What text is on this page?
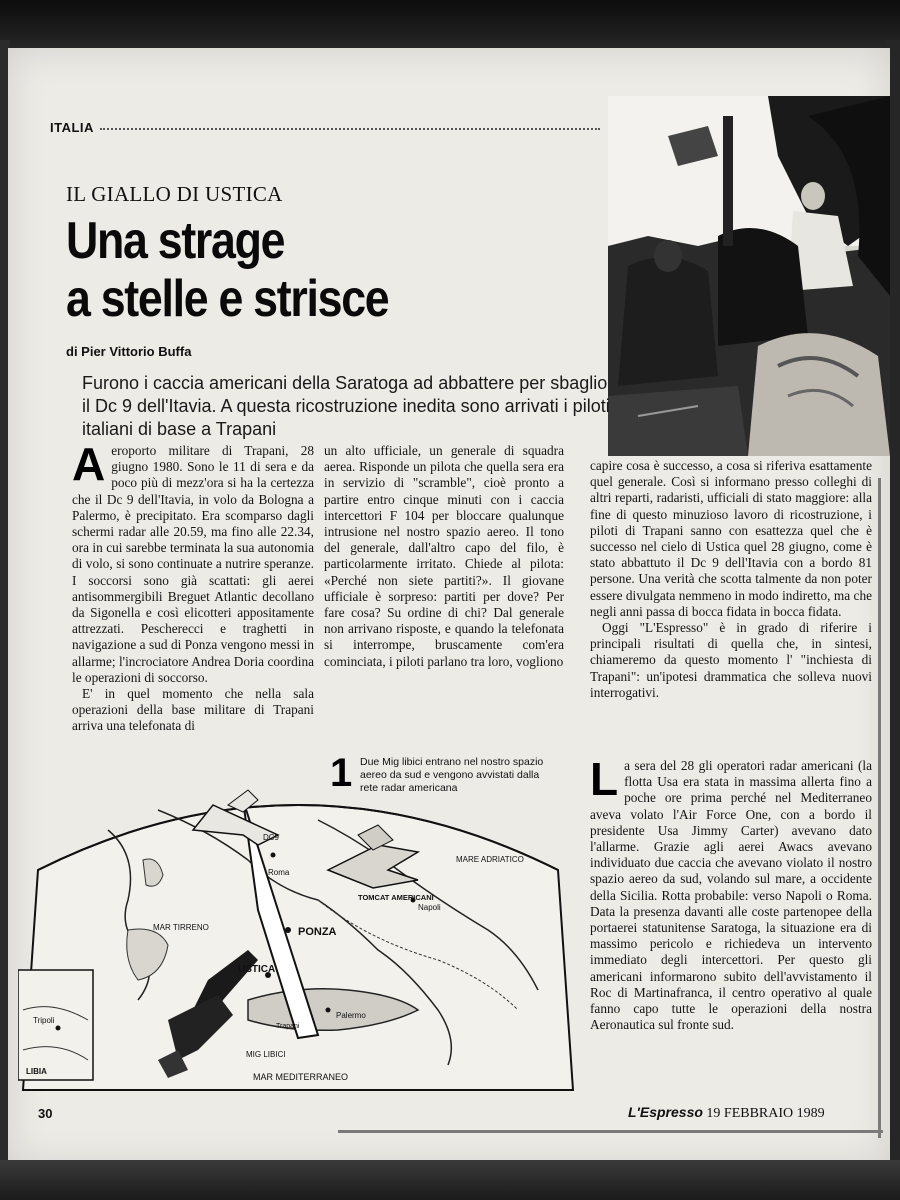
ITALIA
IL GIALLO DI USTICA
Una strage
a stelle e strisce
di Pier Vittorio Buffa
Furono i caccia americani della Saratoga ad abbattere per sbaglio il Dc 9 dell'Itavia. A questa ricostruzione inedita sono arrivati i piloti italiani di base a Trapani

Aeroporto militare di Trapani, 28 giugno 1980. Sono le 11 di sera e da poco più di mezz'ora si ha la certezza che il Dc 9 dell'Itavia, in volo da Bologna a Palermo, è precipitato. Era scomparso dagli schermi radar alle 20.59, ma fino alle 22.34, ora in cui sarebbe terminata la sua autonomia di volo, si sono continuate a nutrire speranze. I soccorsi sono già scattati: gli aerei antisommergibili Breguet Atlantic decollano da Sigonella e così elicotteri appositamente attrezzati. Pescherecci e traghetti in navigazione a sud di Ponza vengono messi in allarme; l'incrociatore Andrea Doria coordina le operazioni di soccorso.

E' in quel momento che nella sala operazioni della base militare di Trapani arriva una telefonata di

un alto ufficiale, un generale di squadra aerea. Risponde un pilota che quella sera era in servizio di "scramble", cioè pronto a partire entro cinque minuti con i caccia intercettori F 104 per bloccare qualunque intrusione nel nostro spazio aereo. Il tono del generale, dall'altro capo del filo, è particolarmente irritato. Chiede al pilota: «Perché non siete partiti?». Il giovane ufficiale è sorpreso: partiti per dove? Per fare cosa? Su ordine di chi? Dal generale non arrivano risposte, e quando la telefonata si interrompe, bruscamente com'era cominciata, i piloti parlano tra loro, vogliono

1 Due Mig libici entrano nel nostro spazio aereo da sud e vengono avvistati dalla rete radar americana

capire cosa è successo, a cosa si riferiva esattamente quel generale. Così si informano presso colleghi di altri reparti, radaristi, ufficiali di stato maggiore: alla fine di questo minuzioso lavoro di ricostruzione, i piloti di Trapani sanno con esattezza quel che è successo nel cielo di Ustica quel 28 giugno, come è stato abbattuto il Dc 9 dell'Itavia con a bordo 81 persone. Una verità che scotta talmente da non poter essere divulgata nemmeno in modo indiretto, ma che negli anni passa di bocca fidata in bocca fidata.

Oggi "L'Espresso" è in grado di riferire i principali risultati di quella che, in sintesi, chiameremo da questo momento l' "inchiesta di Trapani": un'ipotesi drammatica che solleva nuovi interrogativi.

La sera del 28 gli operatori radar americani (la flotta Usa era stata in massima allerta fino a poche ore prima perché nel Mediterraneo aveva volato l'Air Force One, con a bordo il presidente Usa Jimmy Carter) avevano dato l'allarme. Grazie agli aerei Awacs avevano individuato due caccia che avevano violato il nostro spazio aereo da sud, volando sul mare, a occidente della Sicilia. Rotta probabile: verso Napoli o Roma. Data la presenza davanti alle coste partenopee della portaerei statunitense Saratoga, la situazione era di massimo pericolo e richiedeva un intervento immediato degli intercettori. Per questo gli americani informarono subito dell'avvistamento il Roc di Martinafranca, il centro operativo al quale fanno capo tutte le operazioni della nostra Aeronautica sul fronte sud.

DC9
Roma
TOMCAT AMERICANI
MARE ADRIATICO
Napoli
MAR TIRRENO	PONZA
USTICA
Palermo
Trapani
MIG LIBICI
MAR MEDITERRANEO
Tripoli
LIBIA
30	L'Espresso 19 FEBBRAIO 1989
